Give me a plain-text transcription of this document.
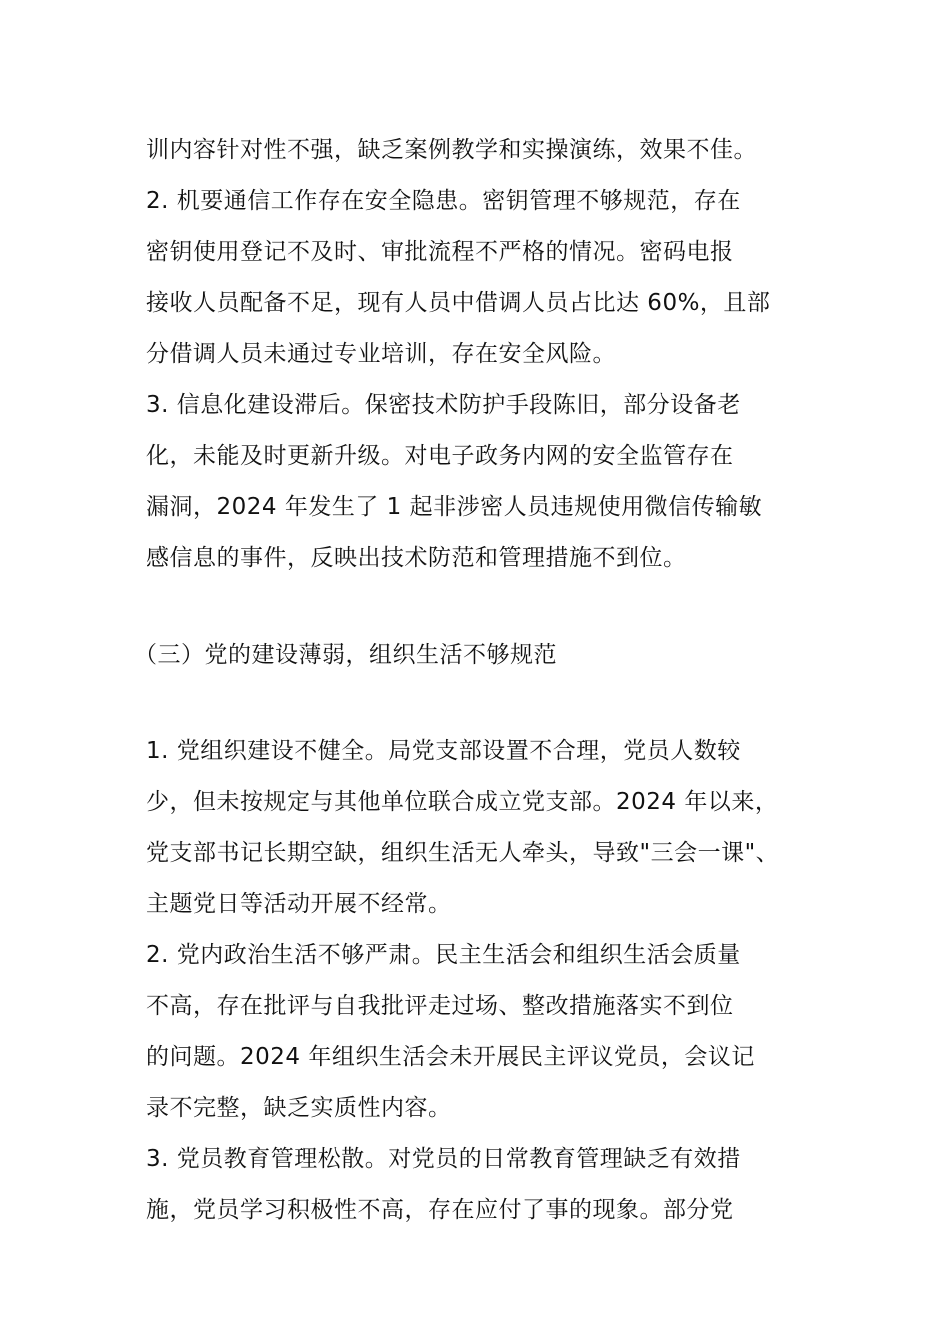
训内容针对性不强，缺乏案例教学和实操演练，效果不佳。
2. 机要通信工作存在安全隐患。密钥管理不够规范，存在
密钥使用登记不及时、审批流程不严格的情况。密码电报
接收人员配备不足，现有人员中借调人员占比达 60%，且部
分借调人员未通过专业培训，存在安全风险。
3. 信息化建设滞后。保密技术防护手段陈旧，部分设备老
化，未能及时更新升级。对电子政务内网的安全监管存在
漏洞，2024 年发生了 1 起非涉密人员违规使用微信传输敏
感信息的事件，反映出技术防范和管理措施不到位。
（三）党的建设薄弱，组织生活不够规范
1. 党组织建设不健全。局党支部设置不合理，党员人数较
少，但未按规定与其他单位联合成立党支部。2024 年以来，
党支部书记长期空缺，组织生活无人牵头，导致"三会一课"、
主题党日等活动开展不经常。
2. 党内政治生活不够严肃。民主生活会和组织生活会质量
不高，存在批评与自我批评走过场、整改措施落实不到位
的问题。2024 年组织生活会未开展民主评议党员，会议记
录不完整，缺乏实质性内容。
3. 党员教育管理松散。对党员的日常教育管理缺乏有效措
施，党员学习积极性不高，存在应付了事的现象。部分党
